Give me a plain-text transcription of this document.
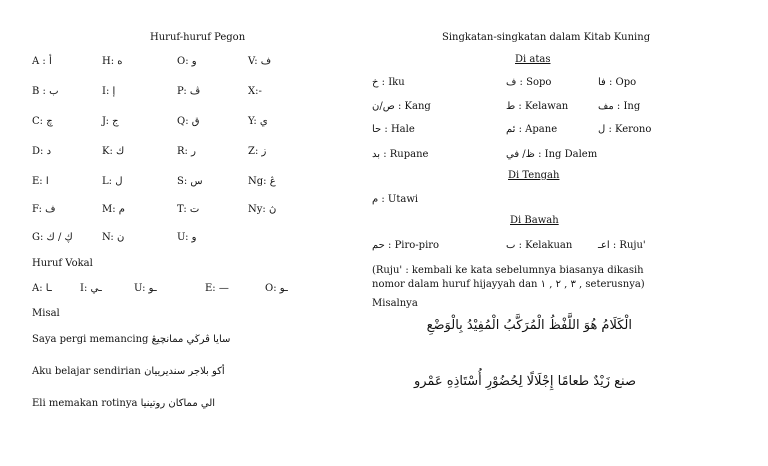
Huruf-huruf Pegon
A : أ	H: ه	O: و	V: ف
B : ب	I: إ	P: ڤ	X:-
C: چ	J: ج	Q: ق	Y: ي
D: د	K: ك	R: ر	Z: ز
E: ا	L: ل	S: س	Ng: ڠ
F: ف	M: م	T: ت	Ny: ڽ
G: ڮ / ك	N: ن	U: و
Huruf Vokal
A: ـا	I: ـي	U: ـو	E: —	O: ـو
Misal
Saya pergi memancing سايا ڤرڬي ممانچيڠ
Aku belajar sendirian أكو بلاجر سنديرييان
Eli memakan rotinya الي مماكان روتينيا
Singkatan-singkatan dalam Kitab Kuning
Di atas
خ : Iku	ف : Sopo	فا : Opo
ص/ن : Kang	ط : Kelawan	مف : Ing
حا : Hale	ئم : Apane	ل : Kerono
بد : Rupane	ظ/ في : Ing Dalem
Di Tengah
م : Utawi
Di Bawah
حم : Piro-piro	ٮ : Kelakuan	اعـ : Ruju'
(Ruju' : kembali ke kata sebelumnya biasanya dikasih nomor dalam huruf hijayyah dan ٣ , ٢ , ١ , seterusnya)
Misalnya
الْكَلَامُ هُوَ اللَّفْظُ الْمُرَكَّبُ الْمُفِيْدُ بِالْوَضْعِ
صنع زَيْدٌ طعامًا إِجْلَالًا لِحُضُوْرِ أُسْتَاذِهِ عَمْرو
